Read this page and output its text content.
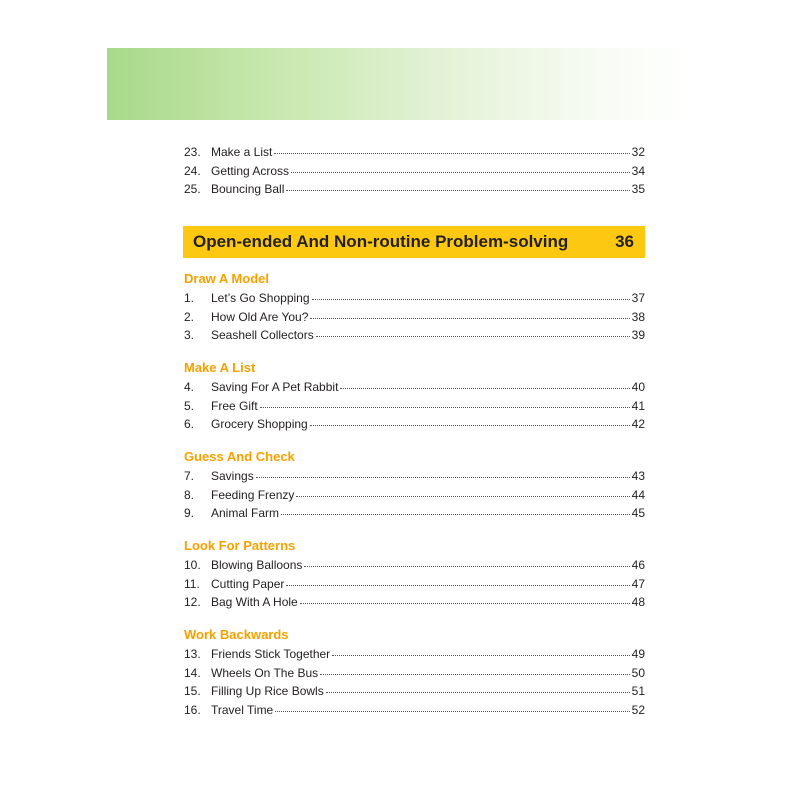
Open-ended And Non-routine Problem-solving	36
23. Make a List	32
24. Getting Across	34
25. Bouncing Ball	35
Draw A Model
1.	Let’s Go Shopping	37
2.	How Old Are You?	38
3.	Seashell Collectors	39
Make A List
4.	Saving For A Pet Rabbit	40
5.	Free Gift	41
6.	Grocery Shopping	42
Guess And Check
7.	Savings	43
8.	Feeding Frenzy	44
9.	Animal Farm	45
Look For Patterns
10. Blowing Balloons	46
11. Cutting Paper	47
12. Bag With A Hole	48
Work Backwards
13. Friends Stick Together	49
14. Wheels On The Bus	50
15. Filling Up Rice Bowls	51
16. Travel Time	52
